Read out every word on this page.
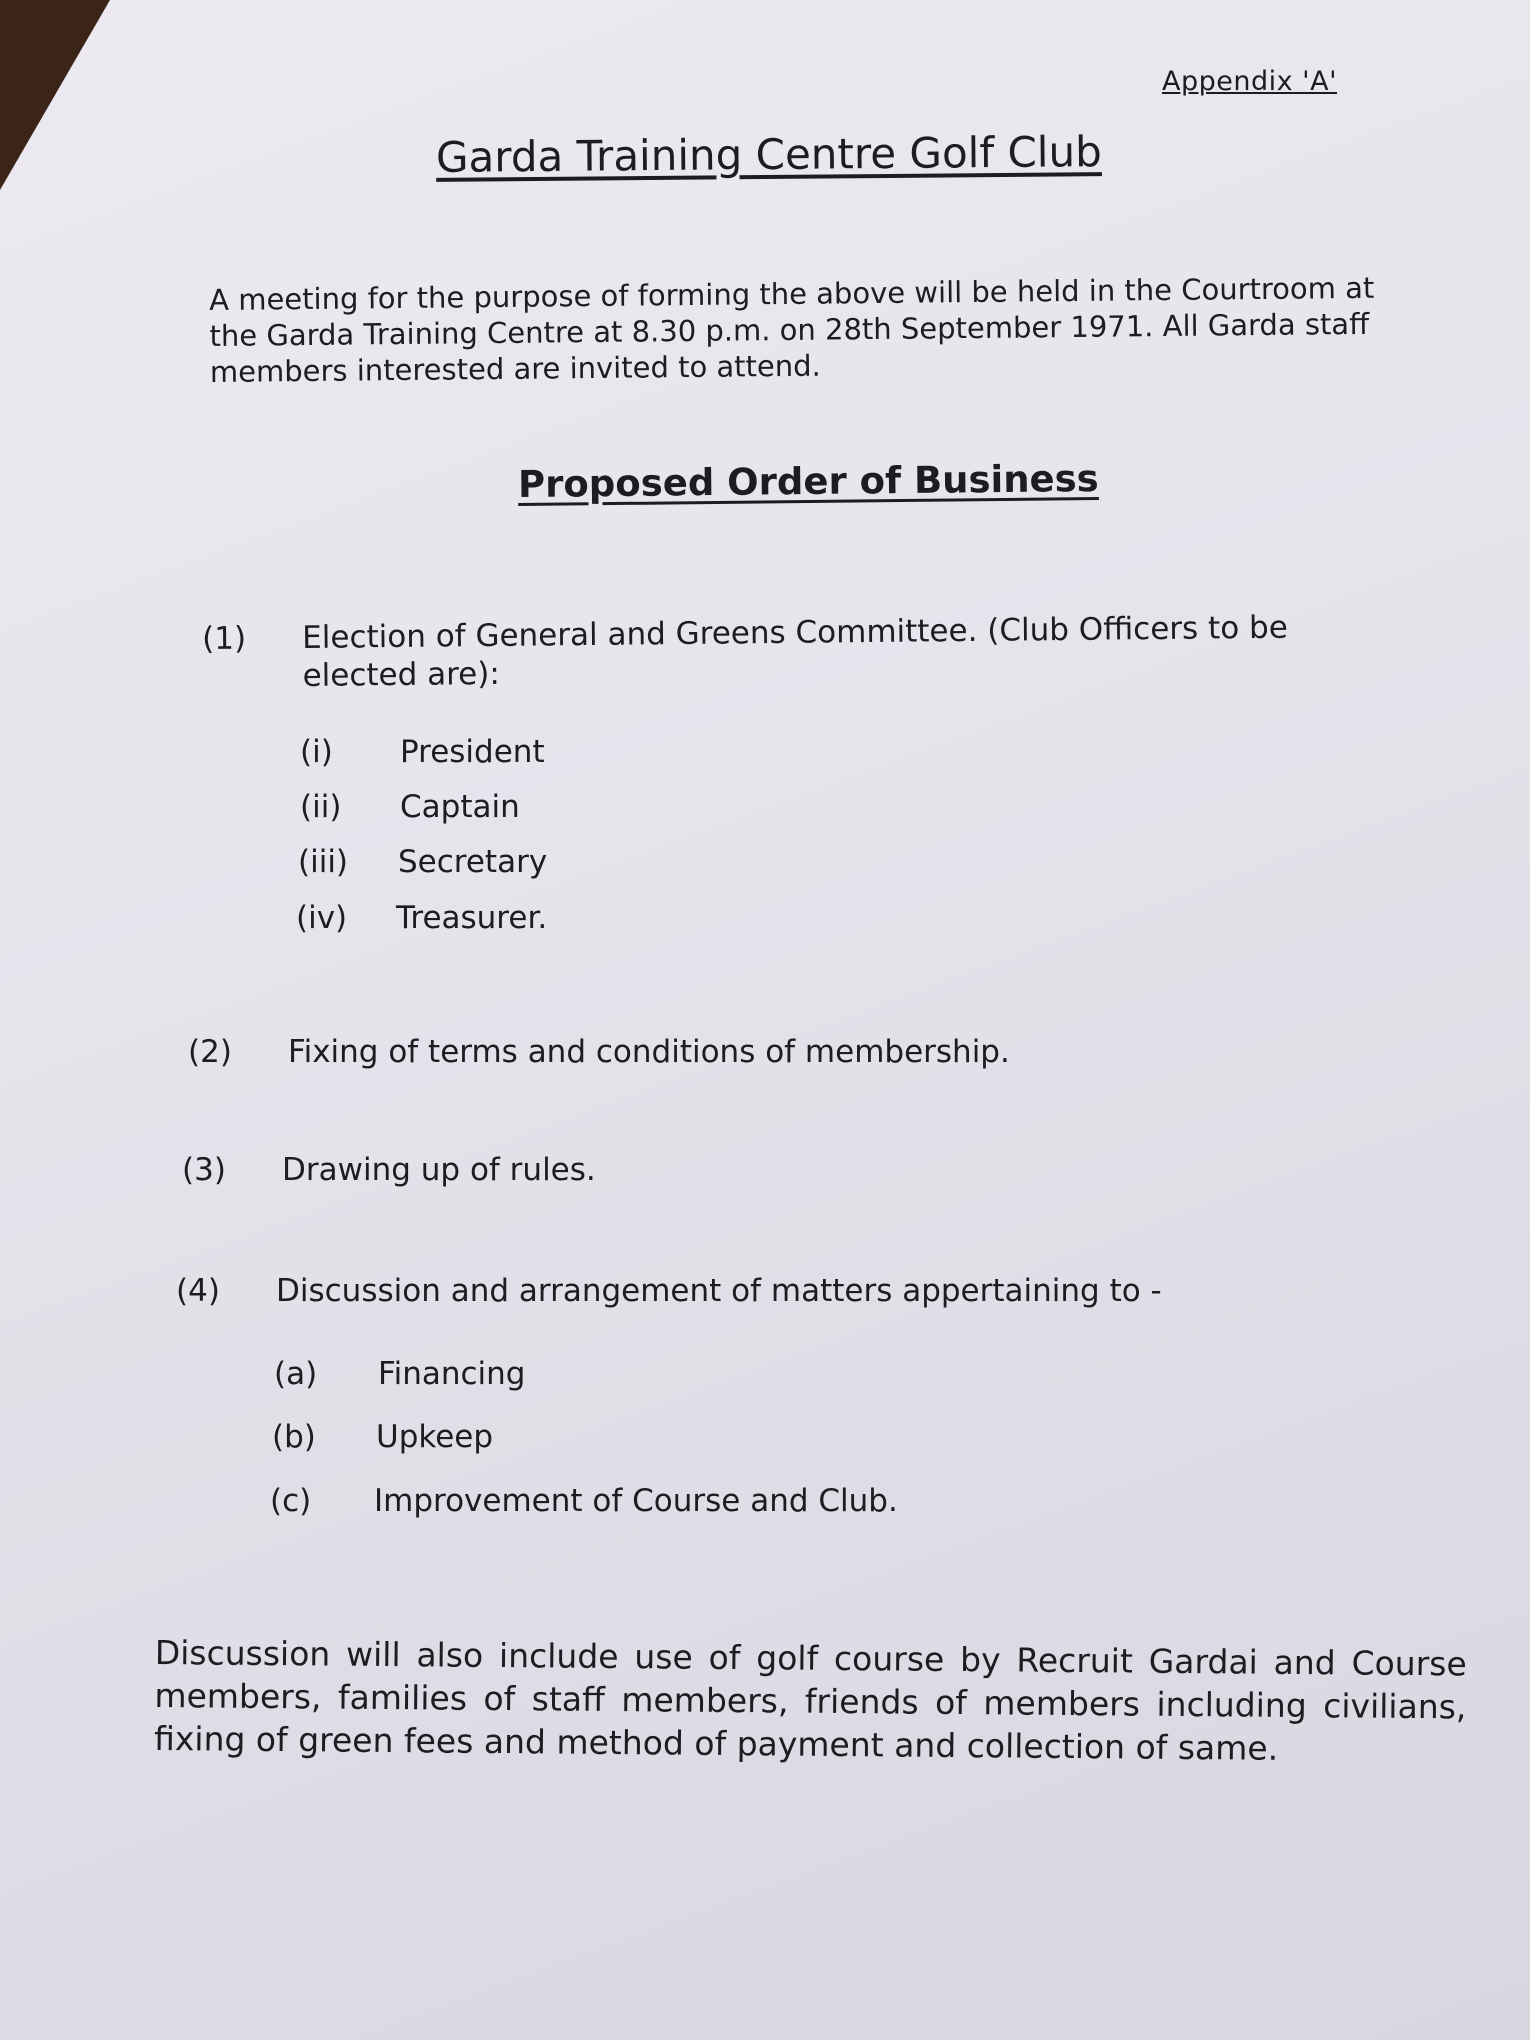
Appendix 'A'
Garda Training Centre Golf Club

A meeting for the purpose of forming the above will be held in the Courtroom at the Garda Training Centre at 8.30 p.m. on 28th September 1971. All Garda staff members interested are invited to attend.

Proposed Order of Business
(1) Election of General and Greens Committee. (Club Officers to be elected are):
(i) President
(ii) Captain
(iii) Secretary
(iv) Treasurer.
(2) Fixing of terms and conditions of membership.
(3) Drawing up of rules.
(4) Discussion and arrangement of matters appertaining to -
(a) Financing
(b) Upkeep
(c) Improvement of Course and Club.

Discussion will also include use of golf course by Recruit Gardai and Course members, families of staff members, friends of members including civilians, fixing of green fees and method of payment and collection of same.
